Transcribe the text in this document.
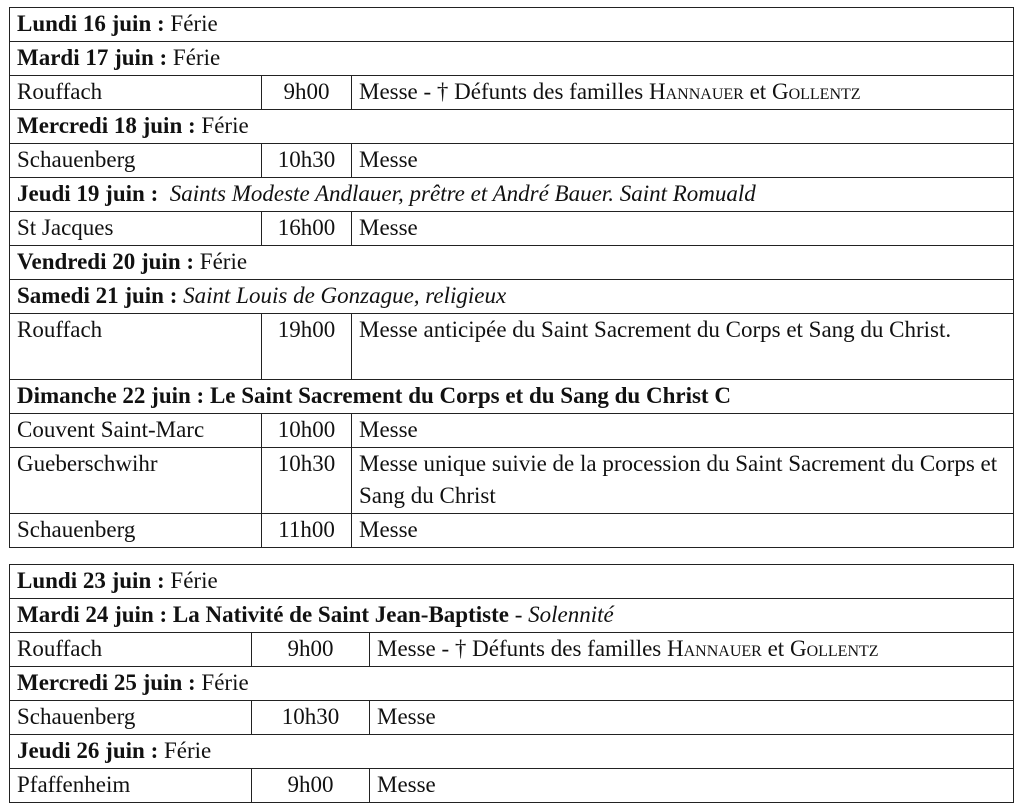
Lundi 16 juin : Férie		
Mardi 17 juin : Férie		
Rouffach	9h00	Messe - † Défunts des familles Hannauer et Gollentz
Mercredi 18 juin : Férie		
Schauenberg	10h30	Messe
Jeudi 19 juin :  Saints Modeste Andlauer, prêtre et André Bauer. Saint Romuald		
St Jacques	16h00	Messe
Vendredi 20 juin : Férie		
Samedi 21 juin : Saint Louis de Gonzague, religieux		
Rouffach	19h00	Messe anticipée du Saint Sacrement du Corps et Sang du Christ.
Dimanche 22 juin : Le Saint Sacrement du Corps et du Sang du Christ C		
Couvent Saint-Marc	10h00	Messe
Gueberschwihr	10h30	Messe unique suivie de la procession du Saint Sacrement du Corps et Sang du Christ
Schauenberg	11h00	Messe
Lundi 23 juin : Férie		
Mardi 24 juin : La Nativité de Saint Jean-Baptiste - Solennité		
Rouffach	9h00	Messe - † Défunts des familles Hannauer et Gollentz
Mercredi 25 juin : Férie		
Schauenberg	10h30	Messe
Jeudi 26 juin : Férie		
Pfaffenheim	9h00	Messe
